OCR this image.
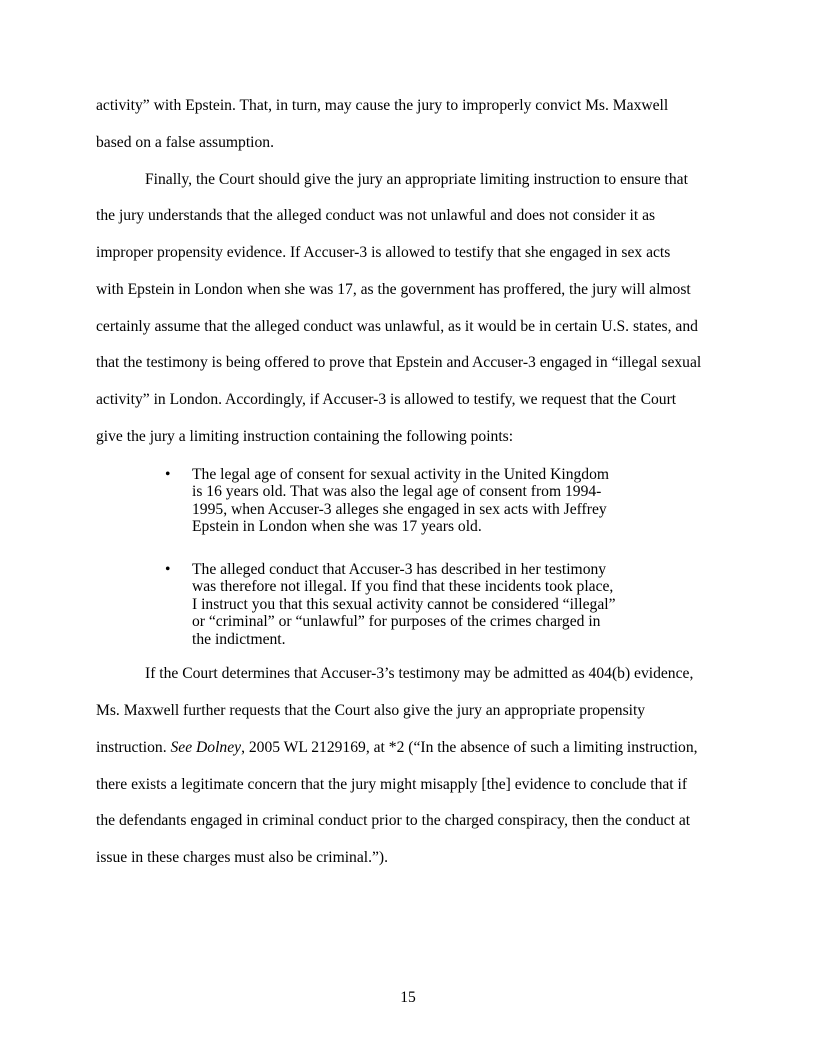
activity” with Epstein. That, in turn, may cause the jury to improperly convict Ms. Maxwell
based on a false assumption.
Finally, the Court should give the jury an appropriate limiting instruction to ensure that
the jury understands that the alleged conduct was not unlawful and does not consider it as
improper propensity evidence. If Accuser-3 is allowed to testify that she engaged in sex acts
with Epstein in London when she was 17, as the government has proffered, the jury will almost
certainly assume that the alleged conduct was unlawful, as it would be in certain U.S. states, and
that the testimony is being offered to prove that Epstein and Accuser-3 engaged in “illegal sexual
activity” in London. Accordingly, if Accuser-3 is allowed to testify, we request that the Court
give the jury a limiting instruction containing the following points:
•	The legal age of consent for sexual activity in the United Kingdom
is 16 years old. That was also the legal age of consent from 1994-
1995, when Accuser-3 alleges she engaged in sex acts with Jeffrey
Epstein in London when she was 17 years old.
•	The alleged conduct that Accuser-3 has described in her testimony
was therefore not illegal. If you find that these incidents took place,
I instruct you that this sexual activity cannot be considered “illegal”
or “criminal” or “unlawful” for purposes of the crimes charged in
the indictment.
If the Court determines that Accuser-3’s testimony may be admitted as 404(b) evidence,
Ms. Maxwell further requests that the Court also give the jury an appropriate propensity
instruction. See Dolney, 2005 WL 2129169, at *2 (“In the absence of such a limiting instruction,
there exists a legitimate concern that the jury might misapply [the] evidence to conclude that if
the defendants engaged in criminal conduct prior to the charged conspiracy, then the conduct at
issue in these charges must also be criminal.”).
15
